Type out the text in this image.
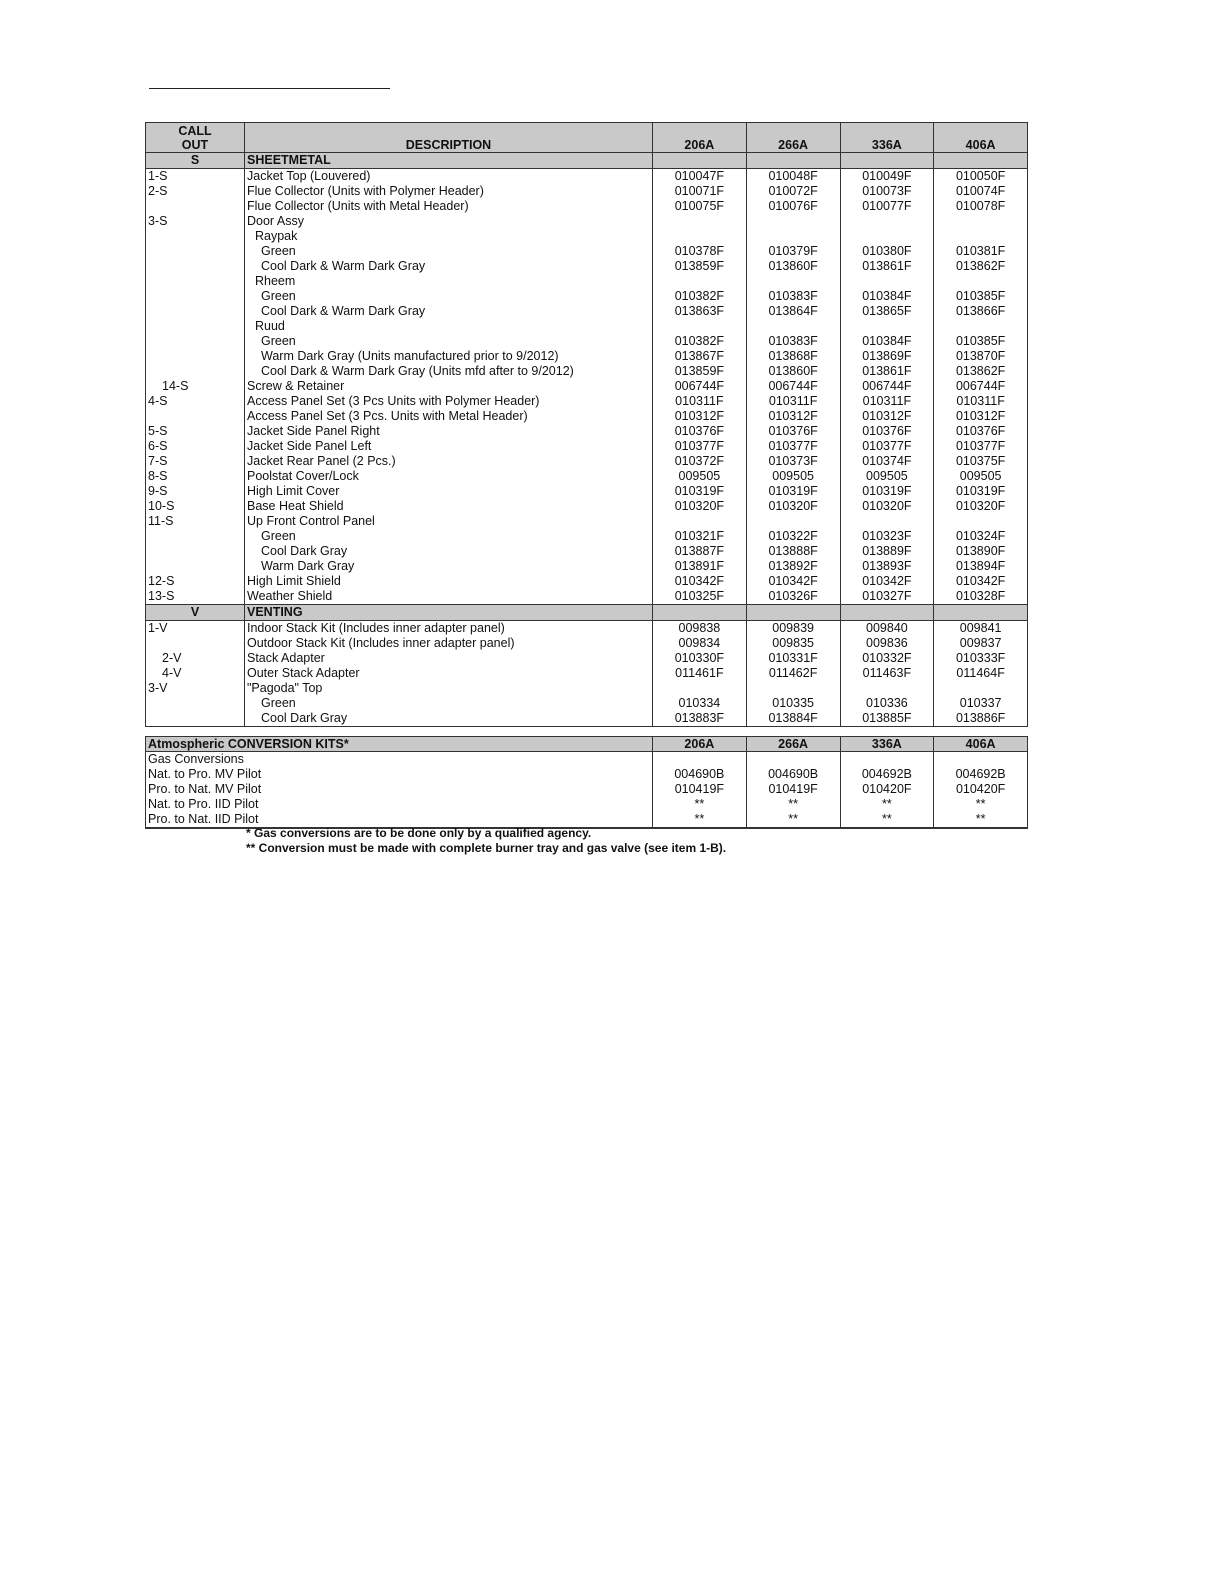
CALL
OUT	DESCRIPTION	206A	266A	336A	406A
S	SHEETMETAL				
1-S	Jacket Top (Louvered)	010047F	010048F	010049F	010050F
2-S	Flue Collector (Units with Polymer Header)	010071F	010072F	010073F	010074F
	Flue Collector (Units with Metal Header)	010075F	010076F	010077F	010078F
3-S	Door Assy				
	Raypak				
	Green	010378F	010379F	010380F	010381F
	Cool Dark & Warm Dark Gray	013859F	013860F	013861F	013862F
	Rheem				
	Green	010382F	010383F	010384F	010385F
	Cool Dark & Warm Dark Gray	013863F	013864F	013865F	013866F
	Ruud				
	Green	010382F	010383F	010384F	010385F
	Warm Dark Gray (Units manufactured prior to 9/2012)	013867F	013868F	013869F	013870F
	Cool Dark & Warm Dark Gray (Units mfd after to 9/2012)	013859F	013860F	013861F	013862F
14-S	Screw & Retainer	006744F	006744F	006744F	006744F
4-S	Access Panel Set (3 Pcs Units with Polymer Header)	010311F	010311F	010311F	010311F
	Access Panel Set (3 Pcs. Units with Metal Header)	010312F	010312F	010312F	010312F
5-S	Jacket Side Panel Right	010376F	010376F	010376F	010376F
6-S	Jacket Side Panel Left	010377F	010377F	010377F	010377F
7-S	Jacket Rear Panel (2 Pcs.)	010372F	010373F	010374F	010375F
8-S	Poolstat Cover/Lock	009505	009505	009505	009505
9-S	High Limit Cover	010319F	010319F	010319F	010319F
10-S	Base Heat Shield	010320F	010320F	010320F	010320F
11-S	Up Front Control Panel				
	Green	010321F	010322F	010323F	010324F
	Cool Dark Gray	013887F	013888F	013889F	013890F
	Warm Dark Gray	013891F	013892F	013893F	013894F
12-S	High Limit Shield	010342F	010342F	010342F	010342F
13-S	Weather Shield	010325F	010326F	010327F	010328F
V	VENTING				
1-V	Indoor Stack Kit (Includes inner adapter panel)	009838	009839	009840	009841
	Outdoor Stack Kit (Includes inner adapter panel)	009834	009835	009836	009837
2-V	Stack Adapter	010330F	010331F	010332F	010333F
4-V	Outer Stack Adapter	011461F	011462F	011463F	011464F
3-V	"Pagoda" Top				
	Green	010334	010335	010336	010337
	Cool Dark Gray	013883F	013884F	013885F	013886F
Atmospheric CONVERSION KITS*	206A	266A	336A	406A
Gas Conversions				
Nat. to Pro. MV Pilot	004690B	004690B	004692B	004692B
Pro. to Nat. MV Pilot	010419F	010419F	010420F	010420F
Nat. to Pro. IID Pilot	**	**	**	**
Pro. to Nat. IID Pilot	**	**	**	**
* Gas conversions are to be done only by a qualified agency.
** Conversion must be made with complete burner tray and gas valve (see item 1-B).
